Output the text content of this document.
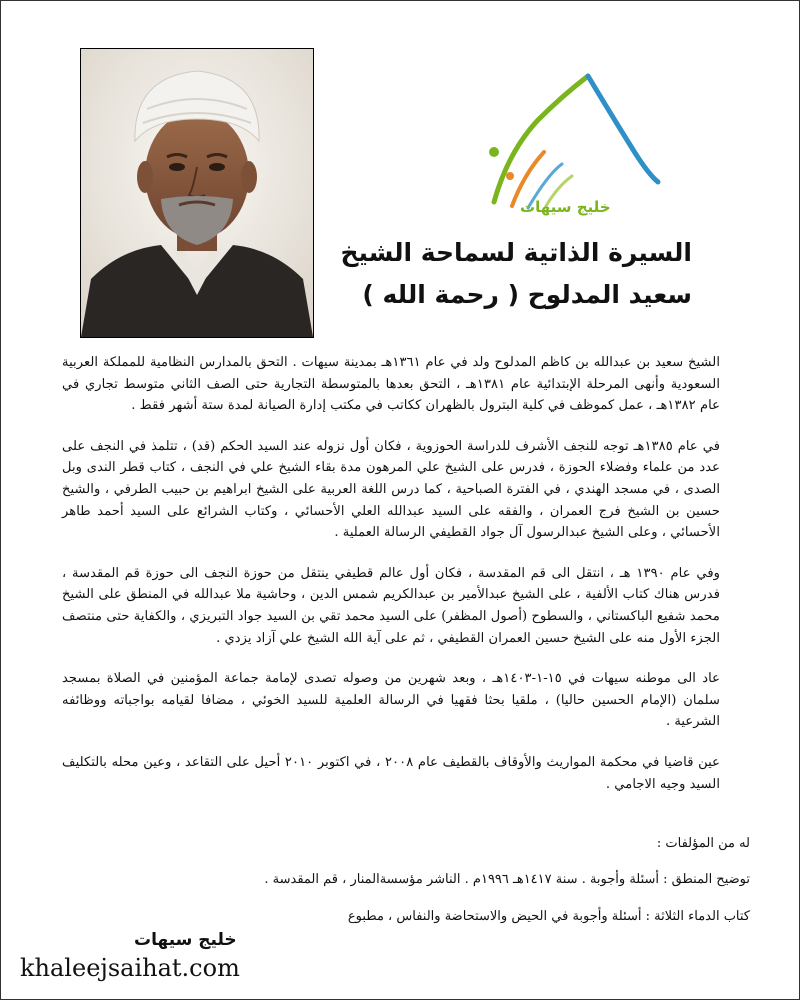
خليج سيهات
السيرة الذاتية لسماحة الشيخ
سعيد المدلوح ( رحمة الله )

الشيخ سعيد بن عبدالله بن كاظم المدلوح ولد في عام ١٣٦١هـ بمدينة سيهات . التحق بالمدارس النظامية للمملكة العربية السعودية وأنهى المرحلة الإبتدائية عام ١٣٨١هـ ، التحق بعدها بالمتوسطة التجارية حتى الصف الثاني متوسط تجاري في عام ١٣٨٢هـ ، عمل كموظف في كلية البترول بالظهران ككاتب في مكتب إدارة الصيانة لمدة ستة أشهر فقط .

في عام ١٣٨٥هـ توجه للنجف الأشرف للدراسة الحوزوية ، فكان أول نزوله عند السيد الحكم (قد) ، تتلمذ في النجف على عدد من علماء وفضلاء الحوزة ، فدرس على الشيخ علي المرهون مدة بقاء الشيخ علي في النجف ، كتاب قطر الندى وبل الصدى ، في مسجد الهندي ، في الفترة الصباحية ، كما درس اللغة العربية على الشيخ ابراهيم بن حبيب الطرفي ، والشيخ حسين بن الشيخ فرج العمران ، والفقه على السيد عبدالله العلي الأحسائي ، وكتاب الشرائع على السيد أحمد طاهر الأحسائي ، وعلى الشيخ عبدالرسول آل جواد القطيفي الرسالة العملية .

وفي عام ١٣٩٠ هـ ، انتقل الى قم المقدسة ، فكان أول عالم قطيفي ينتقل من حوزة النجف الى حوزة قم المقدسة ، فدرس هناك كتاب الألفية ، على الشيخ عبدالأمير بن عبدالكريم شمس الدين ، وحاشية ملا عبدالله في المنطق على الشيخ محمد شفيع الباكستاني ، والسطوح (أصول المظفر) على السيد محمد تقي بن السيد جواد التبريزي ، والكفاية حتى منتصف الجزء الأول منه على الشيخ حسين العمران القطيفي ، ثم على آية الله الشيخ علي آزاد يزدي .

عاد الى موطنه سيهات في ١٥-١-١٤٠٣هـ ، وبعد شهرين من وصوله تصدى لإمامة جماعة المؤمنين في الصلاة بمسجد سلمان (الإمام الحسين حاليا) ، ملقيا بحثا فقهيا في الرسالة العلمية للسيد الخوئي ، مضافا لقيامه بواجباته ووظائفه الشرعية .

عين قاضيا في محكمة المواريث والأوقاف بالقطيف عام ٢٠٠٨ ، في اكتوبر ٢٠١٠ أحيل على التقاعد ، وعين محله بالتكليف السيد وجيه الاجامي .

له من المؤلفات :
توضيح المنطق : أسئلة وأجوبة . سنة ١٤١٧هـ ١٩٩٦م . الناشر مؤسسةالمنار ، قم المقدسة .
كتاب الدماء الثلاثة : أسئلة وأجوبة في الحيض والاستحاضة والنفاس ، مطبوع
خليج سيهات
khaleejsaihat.com
